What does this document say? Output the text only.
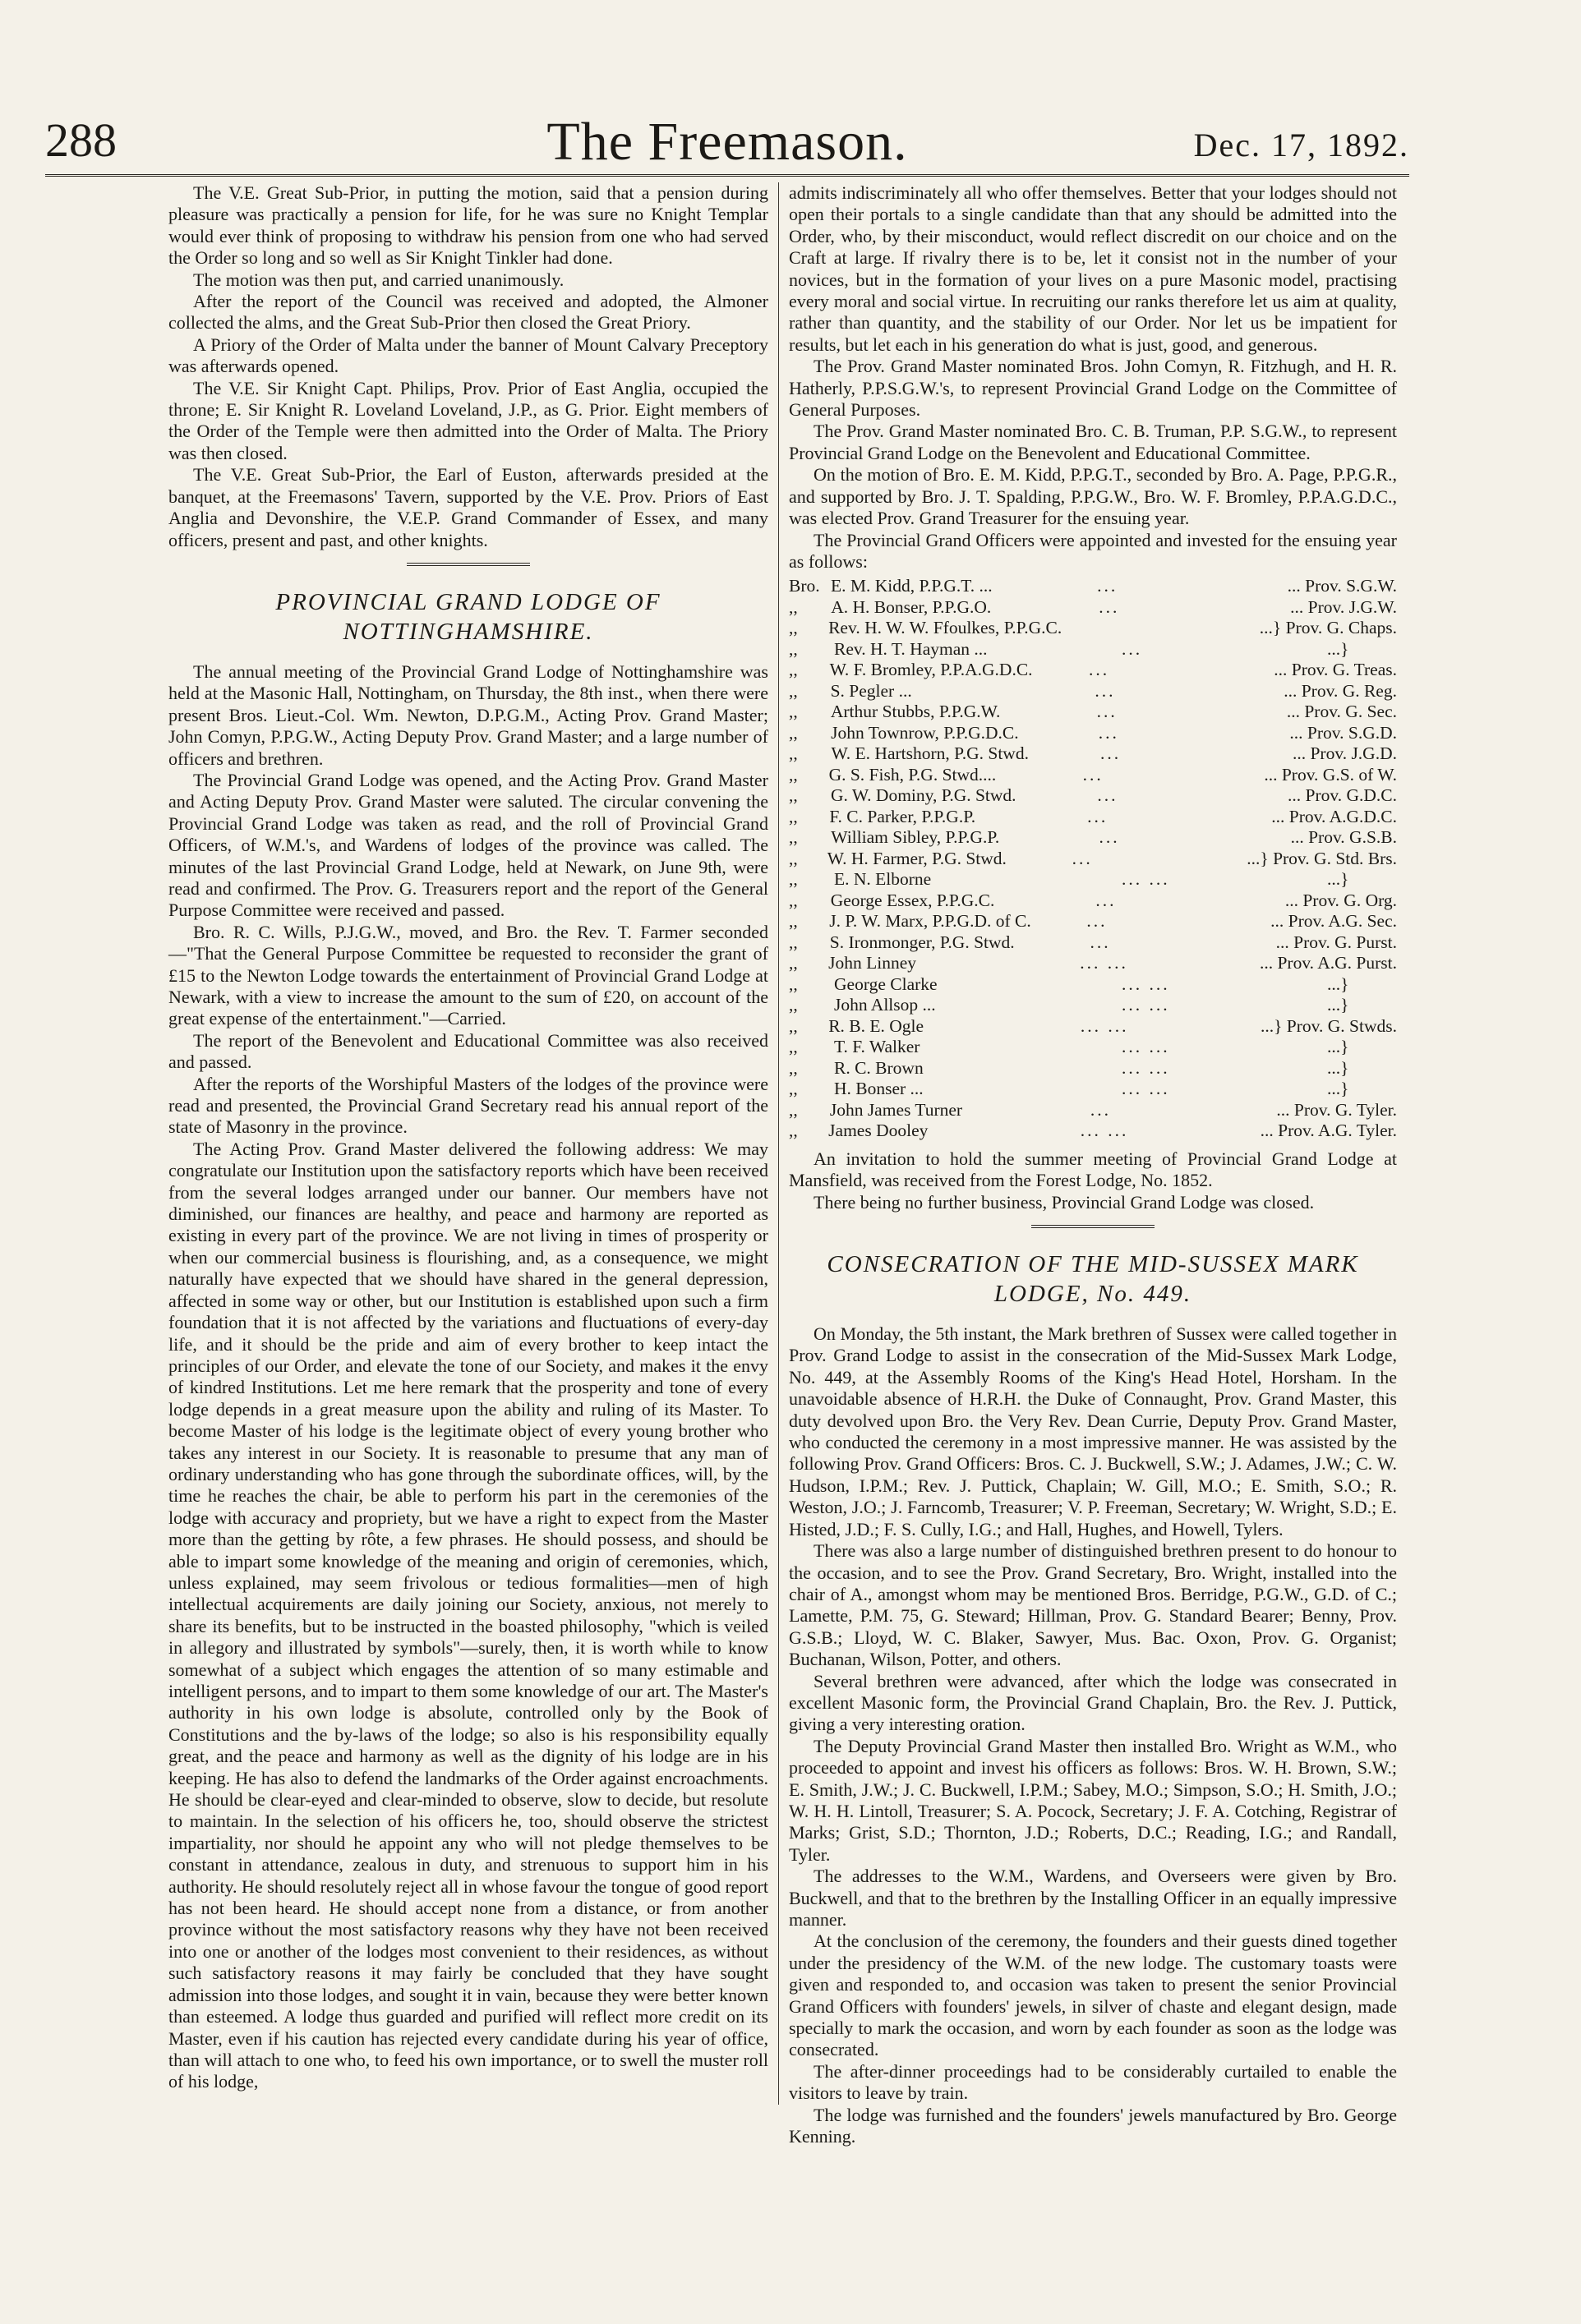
288	The Freemason.	Dec. 17, 1892.

The V.E. Great Sub-Prior, in putting the motion, said that a pension during pleasure was practically a pension for life, for he was sure no Knight Templar would ever think of proposing to withdraw his pension from one who had served the Order so long and so well as Sir Knight Tinkler had done.

The motion was then put, and carried unanimously.

After the report of the Council was received and adopted, the Almoner collected the alms, and the Great Sub-Prior then closed the Great Priory.

A Priory of the Order of Malta under the banner of Mount Calvary Preceptory was afterwards opened.

The V.E. Sir Knight Capt. Philips, Prov. Prior of East Anglia, occupied the throne; E. Sir Knight R. Loveland Loveland, J.P., as G. Prior. Eight members of the Order of the Temple were then admitted into the Order of Malta. The Priory was then closed.

The V.E. Great Sub-Prior, the Earl of Euston, afterwards presided at the banquet, at the Freemasons' Tavern, supported by the V.E. Prov. Priors of East Anglia and Devonshire, the V.E.P. Grand Commander of Essex, and many officers, present and past, and other knights.

PROVINCIAL GRAND LODGE OF
NOTTINGHAMSHIRE.

The annual meeting of the Provincial Grand Lodge of Nottinghamshire was held at the Masonic Hall, Nottingham, on Thursday, the 8th inst., when there were present Bros. Lieut.-Col. Wm. Newton, D.P.G.M., Acting Prov. Grand Master; John Comyn, P.P.G.W., Acting Deputy Prov. Grand Master; and a large number of officers and brethren.

The Provincial Grand Lodge was opened, and the Acting Prov. Grand Master and Acting Deputy Prov. Grand Master were saluted. The circular convening the Provincial Grand Lodge was taken as read, and the roll of Provincial Grand Officers, of W.M.'s, and Wardens of lodges of the province was called. The minutes of the last Provincial Grand Lodge, held at Newark, on June 9th, were read and confirmed. The Prov. G. Treasurers report and the report of the General Purpose Committee were received and passed.

Bro. R. C. Wills, P.J.G.W., moved, and Bro. the Rev. T. Farmer seconded—"That the General Purpose Committee be requested to reconsider the grant of £15 to the Newton Lodge towards the entertainment of Provincial Grand Lodge at Newark, with a view to increase the amount to the sum of £20, on account of the great expense of the entertainment."—Carried.

The report of the Benevolent and Educational Committee was also received and passed.

After the reports of the Worshipful Masters of the lodges of the province were read and presented, the Provincial Grand Secretary read his annual report of the state of Masonry in the province.

The Acting Prov. Grand Master delivered the following address: We may congratulate our Institution upon the satisfactory reports which have been received from the several lodges arranged under our banner. Our members have not diminished, our finances are healthy, and peace and harmony are reported as existing in every part of the province. We are not living in times of prosperity or when our commercial business is flourishing, and, as a consequence, we might naturally have expected that we should have shared in the general depression, affected in some way or other, but our Institution is established upon such a firm foundation that it is not affected by the variations and fluctuations of every-day life, and it should be the pride and aim of every brother to keep intact the principles of our Order, and elevate the tone of our Society, and makes it the envy of kindred Institutions. Let me here remark that the prosperity and tone of every lodge depends in a great measure upon the ability and ruling of its Master. To become Master of his lodge is the legitimate object of every young brother who takes any interest in our Society. It is reasonable to presume that any man of ordinary understanding who has gone through the subordinate offices, will, by the time he reaches the chair, be able to perform his part in the ceremonies of the lodge with accuracy and propriety, but we have a right to expect from the Master more than the getting by rôte, a few phrases. He should possess, and should be able to impart some knowledge of the meaning and origin of ceremonies, which, unless explained, may seem frivolous or tedious formalities—men of high intellectual acquirements are daily joining our Society, anxious, not merely to share its benefits, but to be instructed in the boasted philosophy, "which is veiled in allegory and illustrated by symbols"—surely, then, it is worth while to know somewhat of a subject which engages the attention of so many estimable and intelligent persons, and to impart to them some knowledge of our art. The Master's authority in his own lodge is absolute, controlled only by the Book of Constitutions and the by-laws of the lodge; so also is his responsibility equally great, and the peace and harmony as well as the dignity of his lodge are in his keeping. He has also to defend the landmarks of the Order against encroachments. He should be clear-eyed and clear-minded to observe, slow to decide, but resolute to maintain. In the selection of his officers he, too, should observe the strictest impartiality, nor should he appoint any who will not pledge themselves to be constant in attendance, zealous in duty, and strenuous to support him in his authority. He should resolutely reject all in whose favour the tongue of good report has not been heard. He should accept none from a distance, or from another province without the most satisfactory reasons why they have not been received into one or another of the lodges most convenient to their residences, as without such satisfactory reasons it may fairly be concluded that they have sought admission into those lodges, and sought it in vain, because they were better known than esteemed. A lodge thus guarded and purified will reflect more credit on its Master, even if his caution has rejected every candidate during his year of office, than will attach to one who, to feed his own importance, or to swell the muster roll of his lodge,

admits indiscriminately all who offer themselves. Better that your lodges should not open their portals to a single candidate than that any should be admitted into the Order, who, by their misconduct, would reflect discredit on our choice and on the Craft at large. If rivalry there is to be, let it consist not in the number of your novices, but in the formation of your lives on a pure Masonic model, practising every moral and social virtue. In recruiting our ranks therefore let us aim at quality, rather than quantity, and the stability of our Order. Nor let us be impatient for results, but let each in his generation do what is just, good, and generous.

The Prov. Grand Master nominated Bros. John Comyn, R. Fitzhugh, and H. R. Hatherly, P.P.S.G.W.'s, to represent Provincial Grand Lodge on the Committee of General Purposes.

The Prov. Grand Master nominated Bro. C. B. Truman, P.P. S.G.W., to represent Provincial Grand Lodge on the Benevolent and Educational Committee.

On the motion of Bro. E. M. Kidd, P.P.G.T., seconded by Bro. A. Page, P.P.G.R., and supported by Bro. J. T. Spalding, P.P.G.W., Bro. W. F. Bromley, P.P.A.G.D.C., was elected Prov. Grand Treasurer for the ensuing year.

The Provincial Grand Officers were appointed and invested for the ensuing year as follows:

Bro. E. M. Kidd, P.P.G.T. ...	...	... Prov. S.G.W.
,,	A. H. Bonser, P.P.G.O.	...	... Prov. J.G.W.
,,	Rev. H. W. W. Ffoulkes, P.P.G.C.	...} Prov. G. Chaps.
,,	Rev. H. T. Hayman ...	...	...}
,,	W. F. Bromley, P.P.A.G.D.C.	...	... Prov. G. Treas.
,,	S. Pegler ...	...	... Prov. G. Reg.
,,	Arthur Stubbs, P.P.G.W.	...	... Prov. G. Sec.
,,	John Townrow, P.P.G.D.C.	...	... Prov. S.G.D.
,,	W. E. Hartshorn, P.G. Stwd.	...	... Prov. J.G.D.
,,	G. S. Fish, P.G. Stwd....	...	... Prov. G.S. of W.
,,	G. W. Dominy, P.G. Stwd.	...	... Prov. G.D.C.
,,	F. C. Parker, P.P.G.P.	...	... Prov. A.G.D.C.
,,	William Sibley, P.P.G.P.	...	... Prov. G.S.B.
,,	W. H. Farmer, P.G. Stwd.	...	...} Prov. G. Std. Brs.
,,	E. N. Elborne	... ...	...}
,,	George Essex, P.P.G.C.	...	... Prov. G. Org.
,,	J. P. W. Marx, P.P.G.D. of C.	...	... Prov. A.G. Sec.
,,	S. Ironmonger, P.G. Stwd.	...	... Prov. G. Purst.
,,	John Linney	... ...	... Prov. A.G. Purst.
,,	George Clarke	... ...	...}
,,	John Allsop ...	... ...	...}
,,	R. B. E. Ogle	... ...	...} Prov. G. Stwds.
,,	T. F. Walker	... ...	...}
,,	R. C. Brown	... ...	...}
,,	H. Bonser ...	... ...	...}
,,	John James Turner	...	... Prov. G. Tyler.
,,	James Dooley	... ...	... Prov. A.G. Tyler.

An invitation to hold the summer meeting of Provincial Grand Lodge at Mansfield, was received from the Forest Lodge, No. 1852.

There being no further business, Provincial Grand Lodge was closed.

CONSECRATION OF THE MID-SUSSEX MARK
LODGE, No. 449.

On Monday, the 5th instant, the Mark brethren of Sussex were called together in Prov. Grand Lodge to assist in the consecration of the Mid-Sussex Mark Lodge, No. 449, at the Assembly Rooms of the King's Head Hotel, Horsham. In the unavoidable absence of H.R.H. the Duke of Connaught, Prov. Grand Master, this duty devolved upon Bro. the Very Rev. Dean Currie, Deputy Prov. Grand Master, who conducted the ceremony in a most impressive manner. He was assisted by the following Prov. Grand Officers: Bros. C. J. Buckwell, S.W.; J. Adames, J.W.; C. W. Hudson, I.P.M.; Rev. J. Puttick, Chaplain; W. Gill, M.O.; E. Smith, S.O.; R. Weston, J.O.; J. Farncomb, Treasurer; V. P. Freeman, Secretary; W. Wright, S.D.; E. Histed, J.D.; F. S. Cully, I.G.; and Hall, Hughes, and Howell, Tylers.

There was also a large number of distinguished brethren present to do honour to the occasion, and to see the Prov. Grand Secretary, Bro. Wright, installed into the chair of A., amongst whom may be mentioned Bros. Berridge, P.G.W., G.D. of C.; Lamette, P.M. 75, G. Steward; Hillman, Prov. G. Standard Bearer; Benny, Prov. G.S.B.; Lloyd, W. C. Blaker, Sawyer, Mus. Bac. Oxon, Prov. G. Organist; Buchanan, Wilson, Potter, and others.

Several brethren were advanced, after which the lodge was consecrated in excellent Masonic form, the Provincial Grand Chaplain, Bro. the Rev. J. Puttick, giving a very interesting oration.

The Deputy Provincial Grand Master then installed Bro. Wright as W.M., who proceeded to appoint and invest his officers as follows: Bros. W. H. Brown, S.W.; E. Smith, J.W.; J. C. Buckwell, I.P.M.; Sabey, M.O.; Simpson, S.O.; H. Smith, J.O.; W. H. H. Lintoll, Treasurer; S. A. Pocock, Secretary; J. F. A. Cotching, Registrar of Marks; Grist, S.D.; Thornton, J.D.; Roberts, D.C.; Reading, I.G.; and Randall, Tyler.

The addresses to the W.M., Wardens, and Overseers were given by Bro. Buckwell, and that to the brethren by the Installing Officer in an equally impressive manner.

At the conclusion of the ceremony, the founders and their guests dined together under the presidency of the W.M. of the new lodge. The customary toasts were given and responded to, and occasion was taken to present the senior Provincial Grand Officers with founders' jewels, in silver of chaste and elegant design, made specially to mark the occasion, and worn by each founder as soon as the lodge was consecrated.

The after-dinner proceedings had to be considerably curtailed to enable the visitors to leave by train.

The lodge was furnished and the founders' jewels manufactured by Bro. George Kenning.
